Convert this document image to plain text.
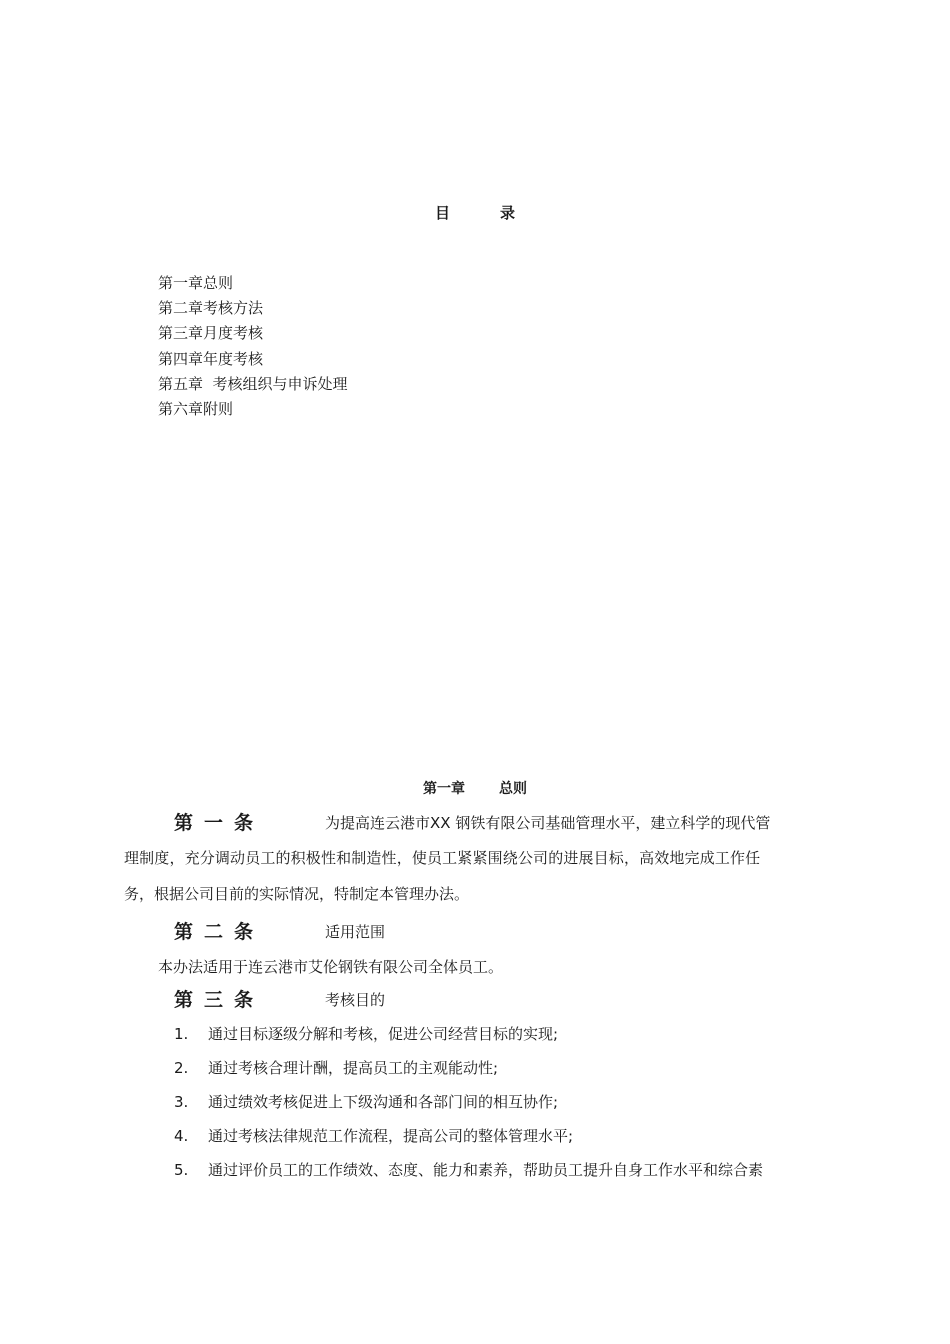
目	录
第一章总则
第二章考核方法
第三章月度考核
第四章年度考核
第五章  考核组织与申诉处理
第六章附则
第一章 总则
第一条	为提高连云港市XX 钢铁有限公司基础管理水平，建立科学的现代管
理制度，充分调动员工的积极性和制造性，使员工紧紧围绕公司的进展目标，高效地完成工作任
务，根据公司目前的实际情况，特制定本管理办法。
第二条	适用范围
本办法适用于连云港市艾伦钢铁有限公司全体员工。
第三条	考核目的
1. 通过目标逐级分解和考核，促进公司经营目标的实现;
2. 通过考核合理计酬，提高员工的主观能动性;
3. 通过绩效考核促进上下级沟通和各部门间的相互协作;
4. 通过考核法律规范工作流程，提高公司的整体管理水平;
5. 通过评价员工的工作绩效、态度、能力和素养，帮助员工提升自身工作水平和综合素
